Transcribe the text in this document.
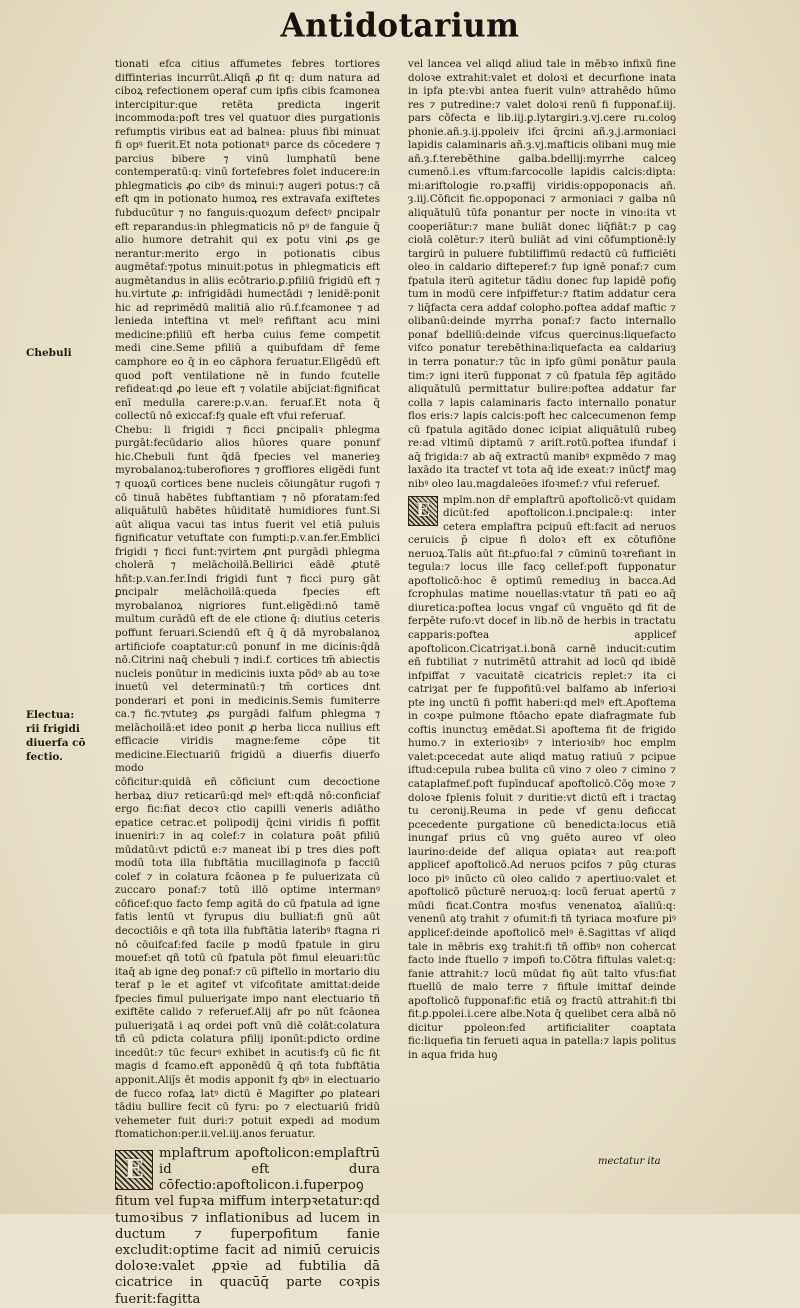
Antidotarium
Chebuli
Electua: rii frigidi diuerfa cō fectio.

tionati efca citius affumetes febres tortiores diffinterias incurrūt.Aliqñ ꝓ fit q: dum natura ad ciboꝝ refectionem operaf cum ipfis cibis fcamonea intercipitur:que retēta predicta ingerit incommoda:poft tres vel quatuor dies purgationis refumptis viribus eat ad balnea: pluus fibi minuat fi opꝰ fuerit.Et nota potionatꝰ parce ds cōcedere ⁊ parcius bibere ⁊ vinū lumphatū bene contemperatū:q: vinū fortefebres folet inducere:in phlegmaticis ꝓo cibꝰ ds minui:⁊ augeri potus:⁊ cā eft qm in potionato humoꝝ res extravafa exiftetes fubducūtur ⁊ no fanguis:quoꝝum defectꝰ ꝑncipalr eft reparandus:in phlegmaticis nō pꝰ de fanguie q̄ alio humore detrahit qui ex potu vini ꝓs ge nerantur:merito ergo in potionatis cibus augmētaf:⁊potus minuit:potus in phlegmaticis eft augmētandus in aliis ecōtrario.ꝑ.pfiliū frigidū eft ⁊ hu.virtute ꝓ: infrigidādi humectādi ⁊ lenidē:ponit hic ad reprimēdū malitiā alio rū.f.fcamonee ⁊ ad lenieda inteftina vt melꝰ refiftant acu mini medicine:pfiliū eft herba cuius feme competit medi cine.Seme pfiliū a quibufdam dr̄ feme camphore eo q̄ in eo cāphora feruatur.Eligēdū eft quod poft ventilatione nē in fundo fcutelle refideat:qd ꝓo leue eft ⁊ volatile abiȷ̄ciat:fignificat enī medulla carere:p.v.an. feruaf.Et nota q̄ collectū nō exiccaf:fȝ quale eft vfui referuaf.

Chebu: li frigidi ⁊ ficci ꝑncipaliꝛ phlegma purgāt:fecūdario alios hūores quare ponunf hic.Chebuli funt q̄dā fpecies vel manerieȝ myrobalanoꝝ:tuberofiores ⁊ groffiores eligēdi funt ⁊ quoꝝū cortices bene nucleis cōiungātur rugofi ⁊ cō tinuā habētes fubftantiam ⁊ nō pforatam:fed aliquātulū habētes hūiditatē humidiores funt.Si aūt aliqua vacui tas intus fuerit vel etiā puluis fignificatur vetuftate con fumpti:p.v.an.fer.Emblici frigidi ⁊ ficci funt:⁊virtem ꝓnt purgādi phlegma cholerā ⁊ melāchoilā.Bellirici eādē ꝓtutē hñt:p.v.an.fer.Indi frigidi funt ⁊ ficci purꝯ gāt ꝑncipalr melāchoilā:queda fpecies eft myrobalanoꝝ nigriores funt.eligēdi:nō tamē multum curādū eft de ele ctione q̄: diutius ceteris poffunt feruari.Sciendū eft q̄ q̄ dā myrobalanoꝝ artificiofe coaptatur:cū ponunf in me dicinis:q̄dā nō.Citrini naq̄ chebuli ⁊ indi.f. cortices tm̄ abiectis nucleis ponūtur in medicinis iuxta pōdꝰ ab au toꝛe inuetū vel determinatū:⁊ tm̄ cortices dnt ponderari et poni in medicinis.Semis fumiterre ca.⁊ fic.⁊vtuteȝ ꝓs purgādi falfum phlegma ⁊ melāchoilā:et ideo ponit ꝓ herba licca nullius eft efficacie viridis magne:feme cōpe tit medicine.Electuariū frigidū a diuerfis diuerfo modo

cōficitur:quidā eñ cōficiunt cum decoctione herbaꝝ diu⁊ reticarū:qd melꝰ eft:qdā nō:conficiaf ergo fic:fiat decoꝛ ctio capilli veneris adiātho epatice cetrac.et polipodij q̄cini viridis fi poffit inueniri:⁊ in aq colef:⁊ in colatura poāt pfiliū mūdatū:vt pdictū e:⁊ maneat ibi p tres dies poft modū tota illa fubftātia mucillaginofa p facciū colef ⁊ in colatura fcāonea p fe puluerizata cū zuccaro ponaf:⁊ totū illō optime intermanꝰ cōficef:quo facto femp agitā do cū fpatula ad igne fatis lentū vt fyrupus diu bulliat:fi gnū aūt decoctiōis e qñ tota illa fubftātia lateribꝰ ftagna ri nō cōuifcaf:fed facile p modū fpatule in giru mouef:et qñ totū cū fpatula pōt fimul eleuari:tūc itaq̄ ab igne deꝯ ponaf:⁊ cū piftello in mortario diu teraf p le et agitef vt vifcofitate amittat:deide fpecies fimul pulueriȝate impo nant electuario tñ exiftēte calido ⁊ referuef.Alij afr po nūt fcāonea pulueriȝatā i aq ordei poft vnū diē colāt:colatura tñ cū pdicta colatura pfilij iponūt:pdicto ordine incedūt:⁊ tūc fecurꝰ exhibet in acutis:fȝ cū fic fit magis d fcamo.eft apponēdū q̄ qñ tota fubftātia apponit.Aliȷ̄s ēt modis apponit fȝ qbꝰ in electuario de fucco rofaꝝ latꝰ dictū ē Magifter ꝓo plateari tādiu bullire fecit cū fyru: po ⁊ electuariū fridū vehemeter fuit duri:⁊ potuit expedi ad modum ftomatichon:per.ii.vel.iij.anos feruatur.

E

mplaftrum apoftolicon:emplaftrū id eft dura cōfectio:apoftolicon.i.fuperpoꝯ fitum vel fupꝛa miffum interpꝛetatur:qd tumoꝛibus ⁊ inflationibus ad lucem in ductum ⁊ fuperpofitum fanie excludit:optime facit ad nimiū ceruicis doloꝛe:valet ꝓpꝛie ad fubtilia dā cicatrice in quacūq̄ parte coꝛpis fuerit:fagitta

vel lancea vel aliqd aliud tale in mēbꝛo infixū fine doloꝛe extrahit:valet et doloꝛi et decurfione inata in ipfa pte:vbi antea fuerit vulnꝰ attrahēdo hūmo res ⁊ putredine:⁊ valet doloꝛi renū fi fupponaf.iij. pars cōfecta e lib.iij.ꝑ.lytargiri.ȝ.vj.cere ru.coloꝯ phonie.añ.ȝ.ij.ppoleiv ifci q̄rcini añ.ȝ.j.armoniaci lapidis calaminaris añ.ȝ.vj.mafticis olibani muꝯ mie añ.ȝ.f.terebēthine galba.bdellij:myrrhe calceꝯ cumenō.i.es vftum:farcocolle lapidis calcis:dipta: mi:ariftologie ro.pꝛaffij viridis:oppoponacis añ. ȝ.iij.Cōficit fic.oppoponaci ⁊ armoniaci ⁊ galba nū aliquātulū tūfa ponantur per nocte in vino:ita vt cooperiātur:⁊ mane buliāt donec liq̄fiāt:⁊ p caꝯ ciolā colētur:⁊ iterū buliāt ad vini cōfumptionē:ly targirū in puluere fubtiliffimū redactū cū fufficiēti oleo in caldario difteperef:⁊ fup ignē ponaf:⁊ cum fpatula iterū agitetur tādiu donec fup lapidē pofiꝯ tum in modū cere infpiffetur:⁊ ftatim addatur cera ⁊ liq̄facta cera addaf colopho.poftea addaf maftic ⁊ olibanū:deinde myrrha ponaf:⁊ facto internallo ponaf bdelliū:deinde vifcus quercinus:liquefacto vifco ponatur terebēthina:liquefacta ea caldariuȝ in terra ponatur:⁊ tūc in ipfo gūmi ponātur paula tim:⁊ igni iterū fupponat ⁊ cū fpatula fēp agitādo aliquātulū permittatur bulire:poftea addatur far colla ⁊ lapis calaminaris facto internallo ponatur flos eris:⁊ lapis calcis:poft hec calcecumenon femp cū fpatula agitādo donec icipiat aliquātulū rubeꝯ re:ad vltimū diptamū ⁊ ariſt.rotū.poftea ifundaf i aq̄ frigida:⁊ ab aq̄ extractū manibꝰ expmēdo ⁊ maꝯ laxādo ita tractef vt tota aq̄ ide exeat:⁊ inūctꝭ maꝯ nibꝰ oleo lau.magdaleões ifoꝛmef:⁊ vfui referuef.

E	mplm.non dr̄ emplaftrū apoftolicō:vt quidam dicūt:fed apoftolicon.i.pncipale:q: inter cetera emplaftra pcipuū eft:facit ad neruos ceruicis p̄ cipue fi doloꝛ eft ex cōtufiōne neruoꝝ.Talis aūt fit:ꝓfuo:fal ⁊ cūminū toꝛrefiant in tegula:⁊ locus ille facꝯ cellef:poft fupponatur apoftolicō:hoc ē optimū remediuȝ in bacca.Ad fcrophulas matime nouellas:vtatur tñ pati eo aq̄ diuretica:poftea locus vngaf cū vnguēto qd fit de ferpēte rufo:vt docef in lib.nō de herbis in tractatu capparis:poftea applicef apoftolicon.Cicatriȝat.i.bonā carnē inducit:cutim eñ fubtiliat ⁊ nutrimētū attrahit ad locū qd ibidē infpiffat ⁊ vacuitatē cicatricis replet:⁊ ita ci catriȝat per fe fuppofitū:vel balfamo ab inferioꝛi pte inꝯ unctū fi poffit haberi:qd melꝰ eft.Apoftema in coꝛpe pulmone ftōacho epate diafragmate fub coftis inunctuȝ emēdat.Si apoftema fit de frigido humo.⁊ in exterioꝛibꝰ ⁊ interioꝛibꝰ hoc emplm valet:pcecedat aute aliqd matuꝯ ratiuū ⁊ pcipue iftud:cepula rubea bulita cū vino ⁊ oleo ⁊ cimino ⁊ cataplafmef.poft fupīnducaf apoftolicō.Cōꝯ moꝛe ⁊ doloꝛe fplenis foluit ⁊ duritie:vt dictū eft i tractaꝯ tu ceronij.Reuma in pede vf genu deficcat pcecedente purgatione cū benedicta:locus etiā inungaf prius cū vnꝯ guēto aureo vf oleo laurino:deide def aliqua opiataꝛ aut rea:poft applicef apoftolicō.Ad neruos pcifos ⁊ pūꝯ cturas loco piꝰ inūcto cū oleo calido ⁊ apertiuo:valet et apoftolicō pūcturē neruoꝝ:q: locū feruat apertū ⁊ mūdi ficat.Contra moꝛfus venenatoꝝ aīaliū:q: venenū atꝯ trahit ⁊ ofumit:fi tñ tyriaca moꝛfure piꝰ applicef:deinde apoftolicō melꝰ ē.Sagittas vf aliqd tale in mēbris exꝯ trahit:fi tñ offibꝰ non cohercat facto inde ftuello ⁊ impofi to.Cōtra fiftulas valet:q: fanie attrahit:⁊ locū mūdat fiꝯ aūt talto vfus:fiat ftuellū de malo terre ⁊ fiftule imittaf deinde apoftolicō fupponaf:fic etiā oȝ fractū attrahit:fi tbi fit.ꝑ.ppolei.i.cere albe.Nota q̄ quelibet cera albā nō dicitur ppoleon:fed artificialiter coaptata fic:liquefia tin ferueti aqua in patella:⁊ lapis politus in aqua frida huꝯ

mectatur ita
